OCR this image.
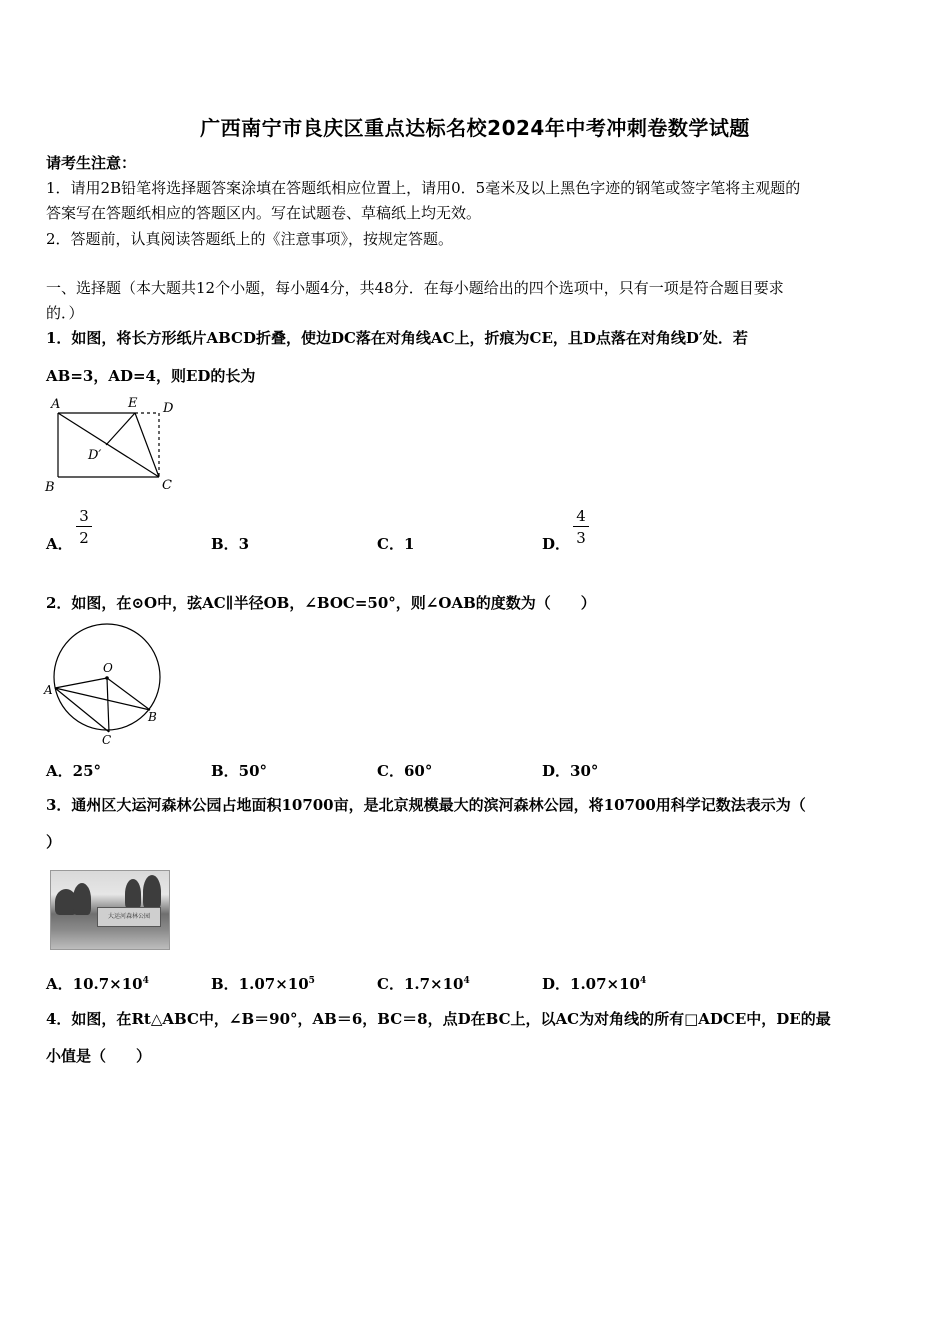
广西南宁市良庆区重点达标名校2024年中考冲刺卷数学试题
请考生注意：
1．请用2B铅笔将选择题答案涂填在答题纸相应位置上，请用0．5毫米及以上黑色字迹的钢笔或签字笔将主观题的
答案写在答题纸相应的答题区内。写在试题卷、草稿纸上均无效。
2．答题前，认真阅读答题纸上的《注意事项》，按规定答题。
一、选择题（本大题共12个小题，每小题4分，共48分．在每小题给出的四个选项中，只有一项是符合题目要求
的．）
1．如图，将长方形纸片ABCD折叠，使边DC落在对角线AC上，折痕为CE，且D点落在对角线D′处．若
AB=3，AD=4，则ED的长为
A	E D
D′
B	C
A． $\frac{3}{2}$	B．3	C．1	D． $\frac{4}{3}$
2．如图，在⊙O中，弦AC∥半径OB，∠BOC=50°，则∠OAB的度数为（　　）
O
A
B
C
A．25°	B．50°	C．60°	D．30°
3．通州区大运河森林公园占地面积10700亩，是北京规模最大的滨河森林公园，将10700用科学记数法表示为（
）
大运河森林公园
A．$10.7\times 10^4$	B．$1.07\times 10^5$	C．$1.7\times 10^4$	D．$1.07\times 10^4$
4．如图，在Rt△ABC中，∠B＝90°，AB＝6，BC＝8，点D在BC上，以AC为对角线的所有□ADCE中，DE的最
小值是（　　）
